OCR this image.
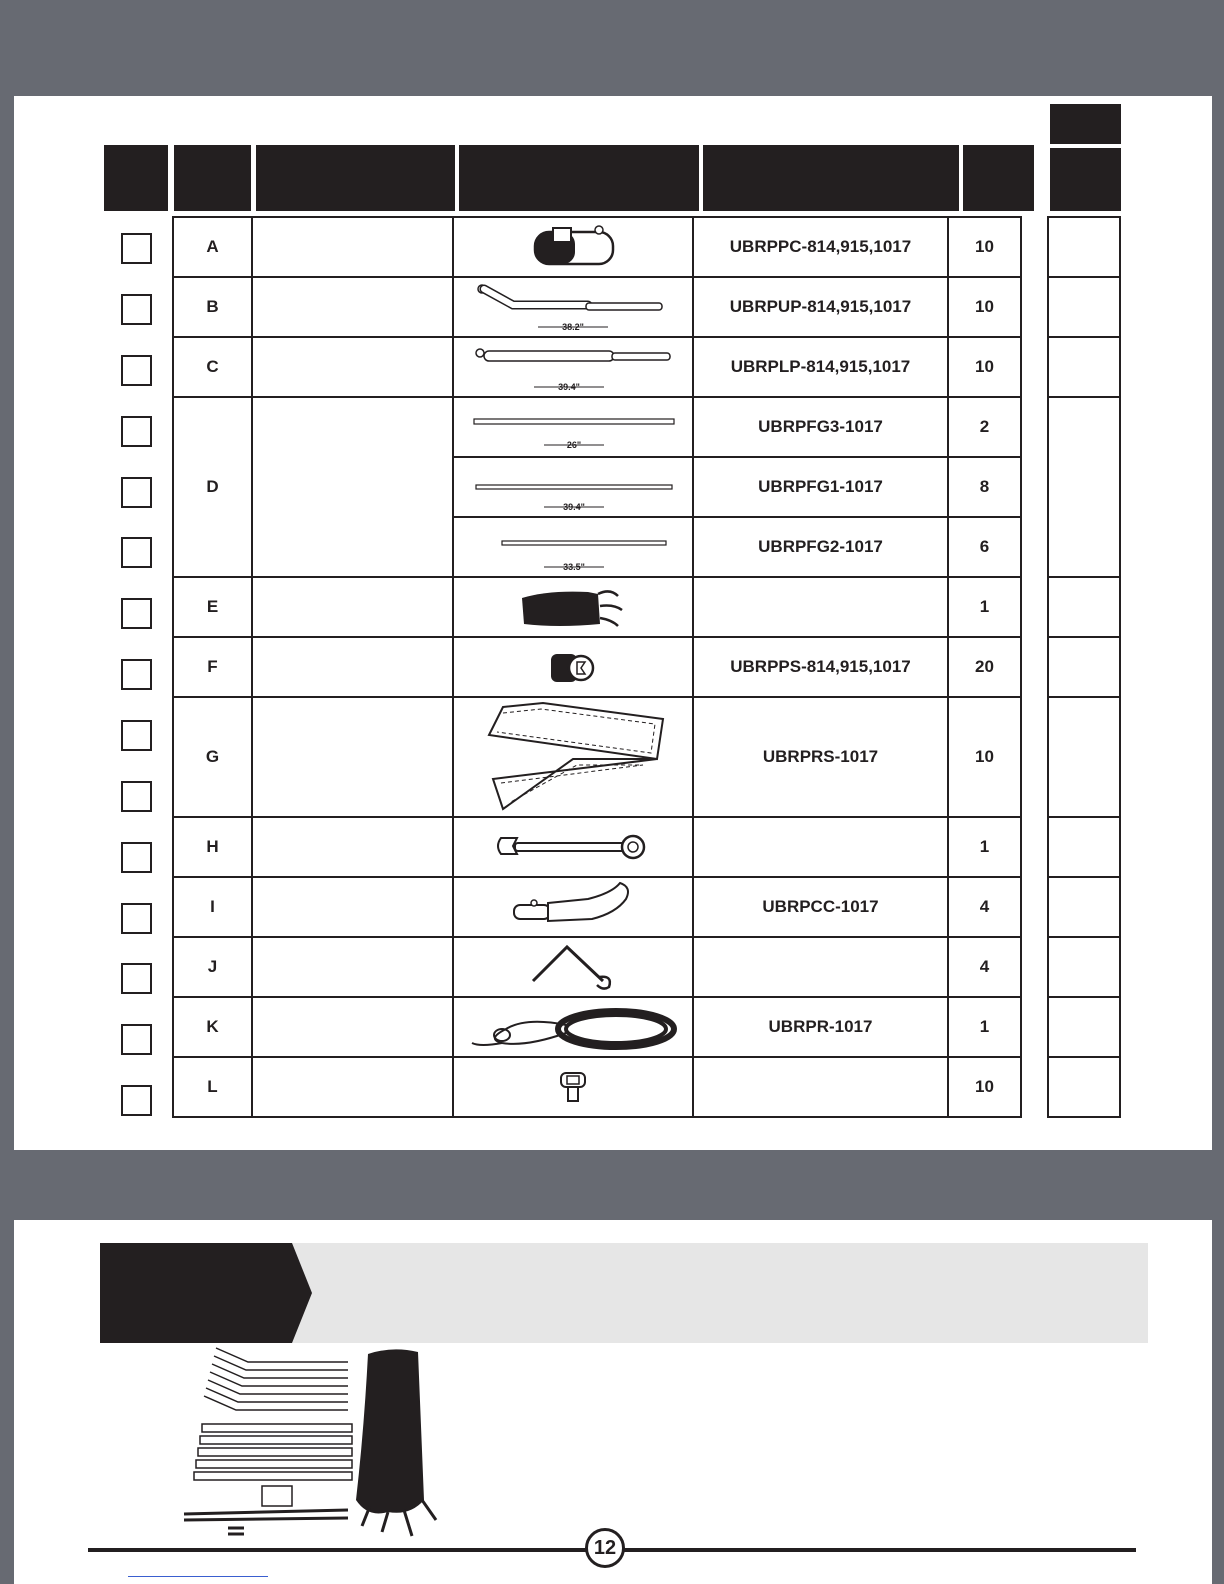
A			UBRPPC-814,915,1017	10
B		38.2"	UBRPUP-814,915,1017	10
C		39.4"	UBRPLP-814,915,1017	10
D		26"	UBRPFG3-1017	2

39.4"	UBRPFG1-1017	8

33.5"	UBRPFG2-1017	6
E				1
F			UBRPPS-814,915,1017	20
G			UBRPRS-1017	10
H				1
I			UBRPCC-1017	4
J				4
K			UBRPR-1017	1
L				10

12
